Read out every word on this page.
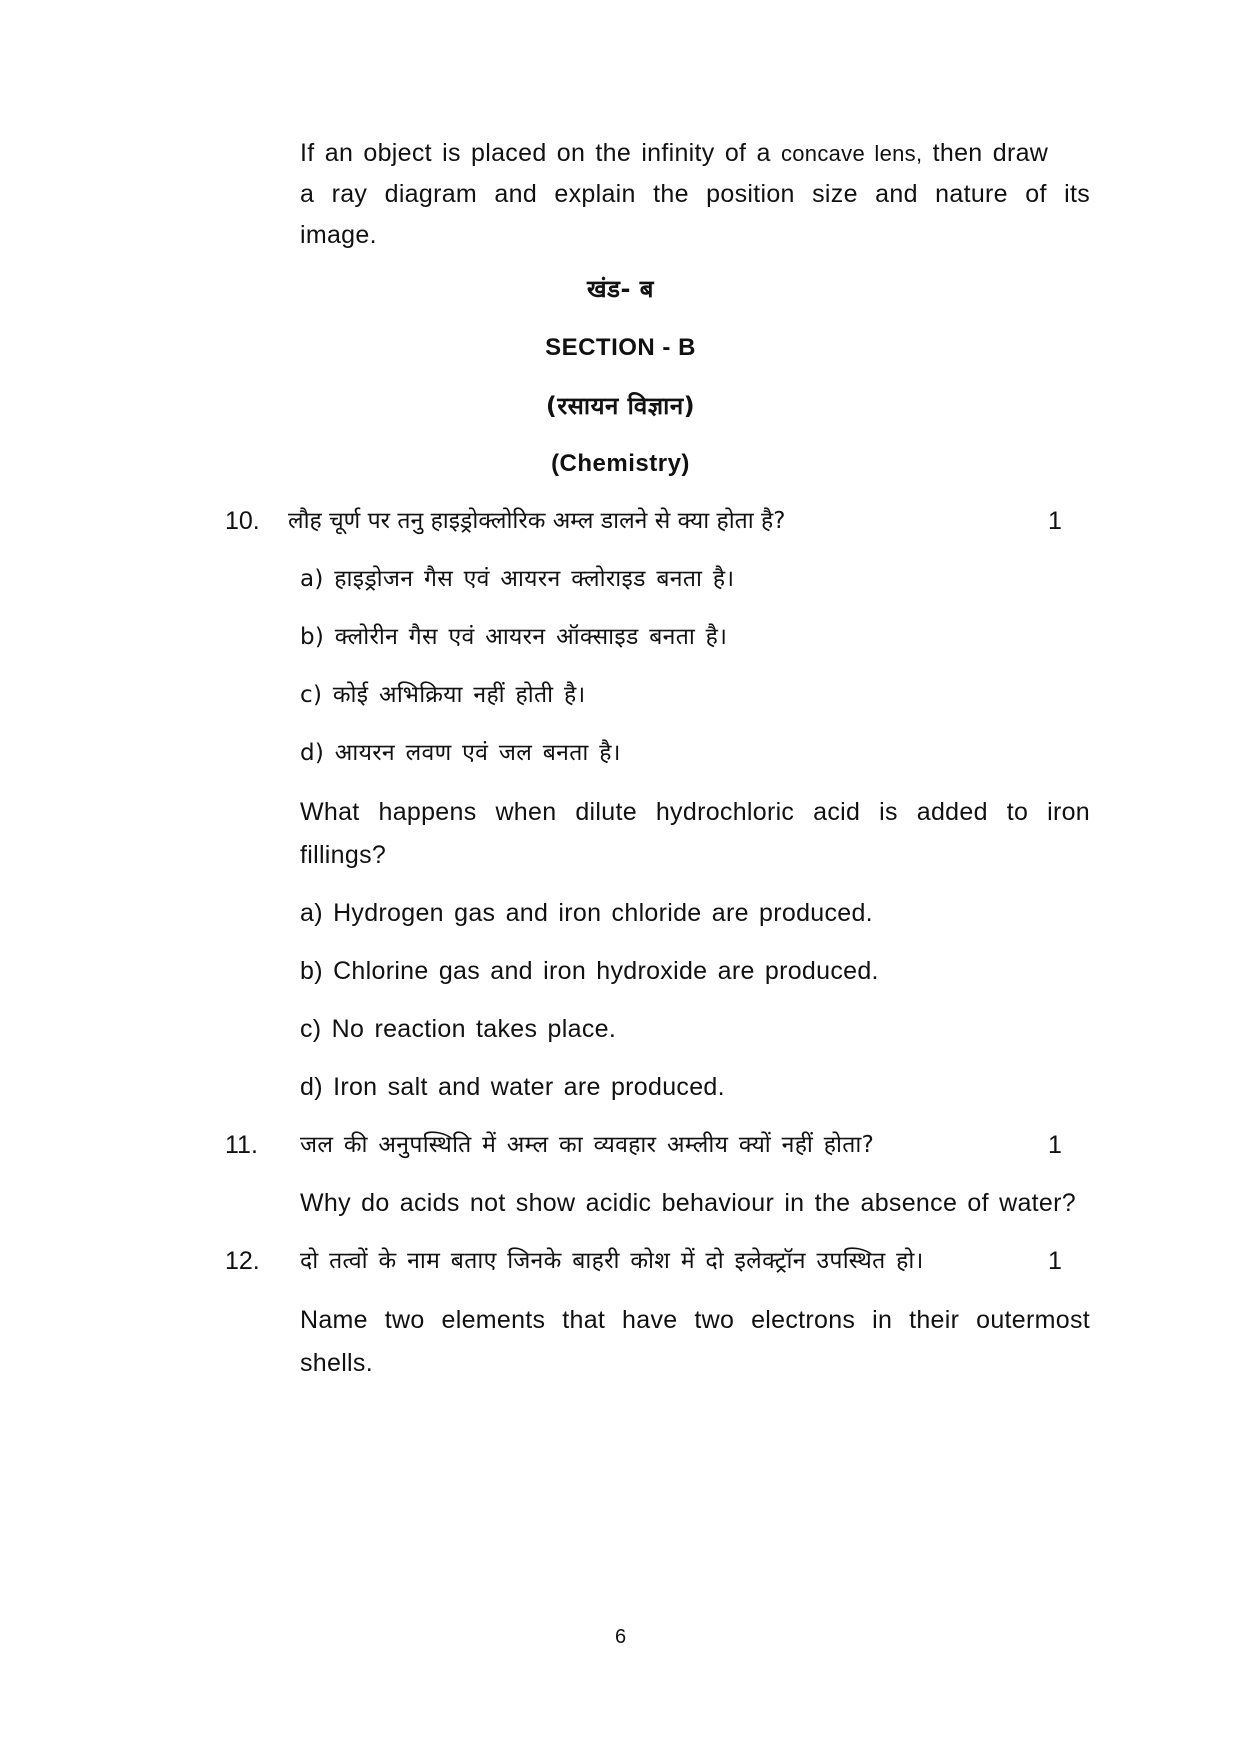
If an object is placed on the infinity of a concave lens, then draw
a ray diagram and explain the position size and nature of its
image.
खंड- ब
SECTION - B
(रसायन विज्ञान)
(Chemistry)
10. लौह चूर्ण पर तनु हाइड्रोक्लोरिक अम्ल डालने से क्या होता है?	1
a) हाइड्रोजन गैस एवं आयरन क्लोराइड बनता है।
b) क्लोरीन गैस एवं आयरन ऑक्साइड बनता है।
c) कोई अभिक्रिया नहीं होती है।
d) आयरन लवण एवं जल बनता है।
What happens when dilute hydrochloric acid is added to iron
fillings?
a) Hydrogen gas and iron chloride are produced.
b) Chlorine gas and iron hydroxide are produced.
c) No reaction takes place.
d) Iron salt and water are produced.
11. जल की अनुपस्थिति में अम्ल का व्यवहार अम्लीय क्यों नहीं होता?	1
Why do acids not show acidic behaviour in the absence of water?
12. दो तत्वों के नाम बताए जिनके बाहरी कोश में दो इलेक्ट्रॉन उपस्थित हो।	1
Name two elements that have two electrons in their outermost
shells.
6
